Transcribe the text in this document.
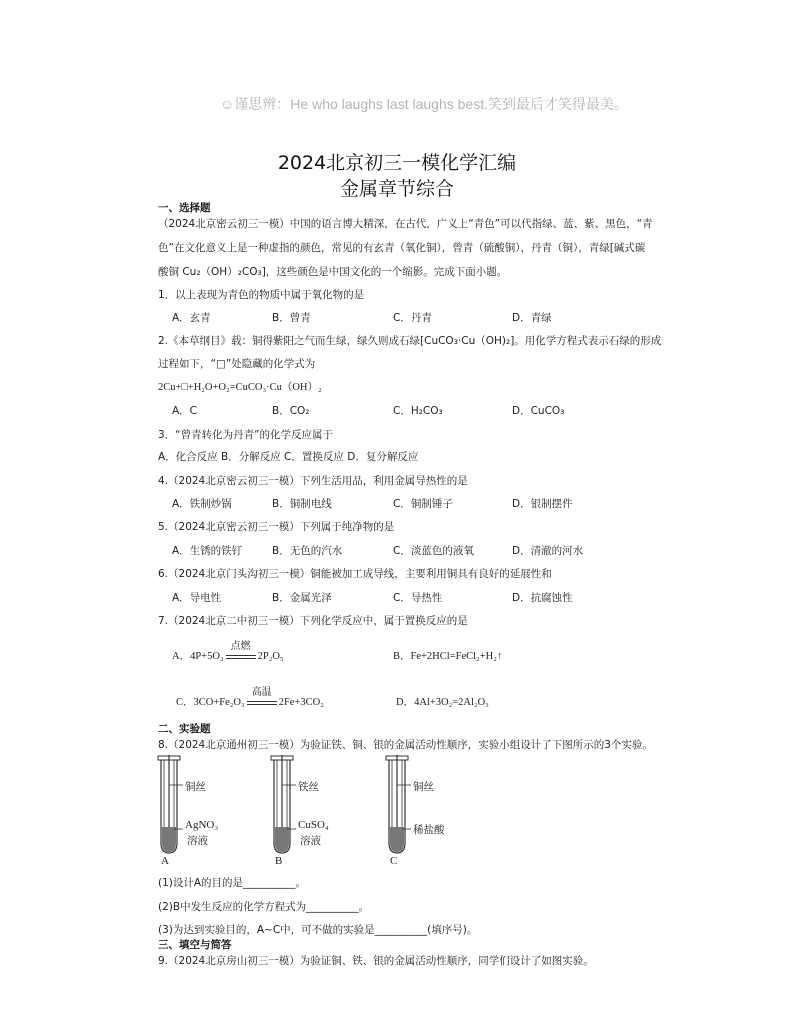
☺谨思辨：He who laughs last laughs best.笑到最后才笑得最美。
2024北京初三一模化学汇编
金属章节综合
一、选择题
（2024北京密云初三一模）中国的语言博大精深，在古代，广义上“青色”可以代指绿、蓝、紫、黑色，“青
色”在文化意义上是一种虚指的颜色，常见的有玄青（氧化铜），曾青（硫酸铜），丹青（铜），青绿[碱式碳
酸铜 Cu₂（OH）₂CO₃]，这些颜色是中国文化的一个缩影。完成下面小题。
1．以上表现为青色的物质中属于氧化物的是
A．玄青	B．曾青	C．丹青	D．青绿
2.《本草纲目》载：铜得紫阳之气而生绿，绿久则成石绿[CuCO₃·Cu（OH)₂]。用化学方程式表示石绿的形成
过程如下，“□”处隐藏的化学式为
2Cu+□+H₂O+O₂=CuCO₃·Cu（OH）₂
A．C	B．CO₂	C．H₂CO₃	D．CuCO₃
3．“曾青转化为丹青”的化学反应属于
A．化合反应 B．分解反应 C．置换反应 D．复分解反应
4.（2024北京密云初三一模）下列生活用品，利用金属导热性的是
A．铁制炒锅	B．铜制电线	C．铜制锤子	D．银制摆件
5.（2024北京密云初三一模）下列属于纯净物的是
A．生锈的铁钉	B．无色的汽水	C．淡蓝色的液氧	D．清澈的河水
6.（2024北京门头沟初三一模）铜能被加工成导线，主要利用铜具有良好的延展性和
A．导电性	B．金属光泽	C．导热性	D．抗腐蚀性
7.（2024北京二中初三一模）下列化学反应中，属于置换反应的是
A．4P+5O₂
点燃
2P₂O₅	B．Fe+2HCl=FeCl₂+H₂↑
C．3CO+Fe₂O₃
高温
2Fe+3CO₂	D．4Al+3O₂=2Al₂O₃
二、实验题
8.（2024北京通州初三一模）为验证铁、铜、银的金属活动性顺序，实验小组设计了下图所示的3个实验。
铜丝
AgNO₃
溶液
A
铁丝
CuSO₄
溶液
B
铜丝
稀盐酸
C
(1)设计A的目的是__________。
(2)B中发生反应的化学方程式为__________。
(3)为达到实验目的，A~C中，可不做的实验是__________(填序号)。
三、填空与简答
9.（2024北京房山初三一模）为验证铜、铁、银的金属活动性顺序，同学们设计了如图实验。
